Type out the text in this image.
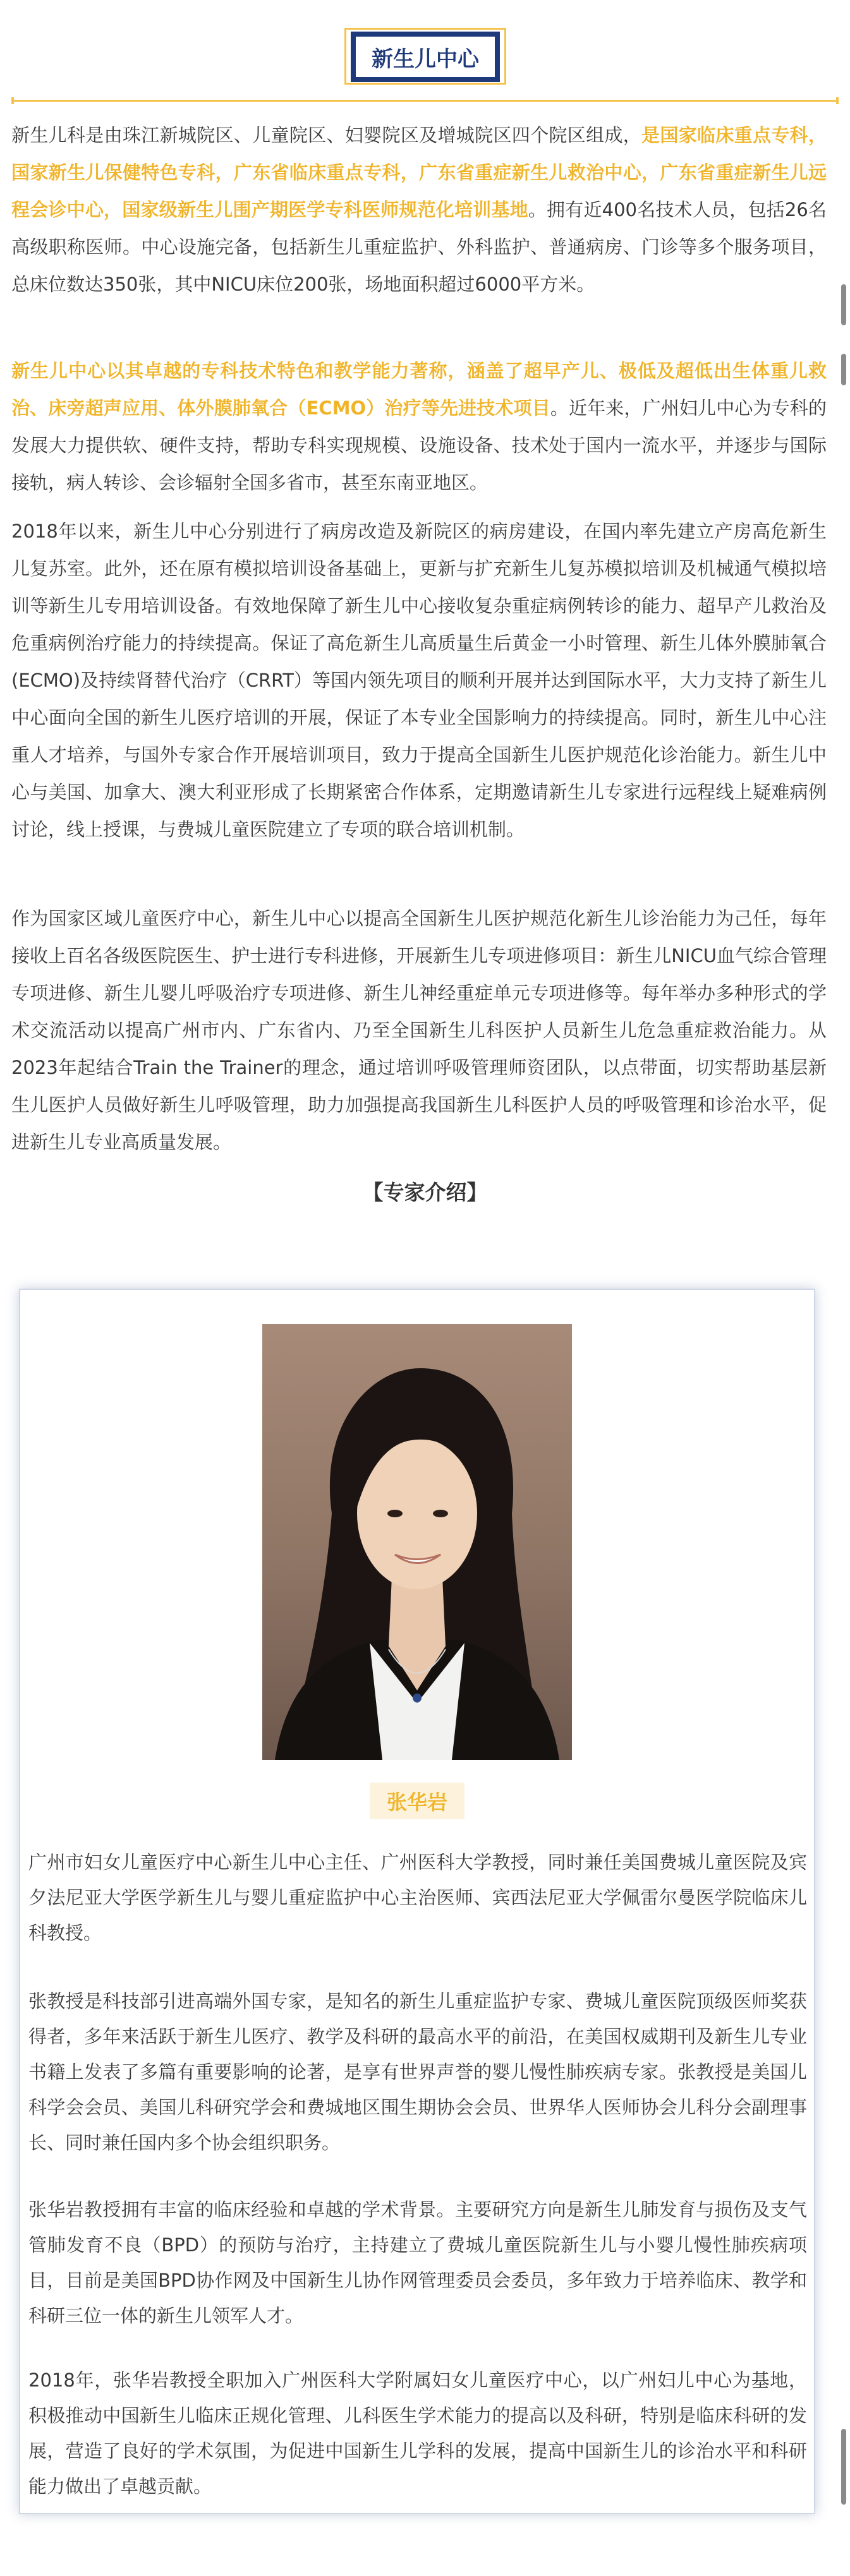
新生儿中心

新生儿科是由珠江新城院区、儿童院区、妇婴院区及增城院区四个院区组成，是国家临床重点专科，国家新生儿保健特色专科，广东省临床重点专科，广东省重症新生儿救治中心，广东省重症新生儿远程会诊中心，国家级新生儿围产期医学专科医师规范化培训基地。拥有近400名技术人员，包括26名高级职称医师。中心设施完备，包括新生儿重症监护、外科监护、普通病房、门诊等多个服务项目，总床位数达350张，其中NICU床位200张，场地面积超过6000平方米。

新生儿中心以其卓越的专科技术特色和教学能力著称，涵盖了超早产儿、极低及超低出生体重儿救治、床旁超声应用、体外膜肺氧合（ECMO）治疗等先进技术项目。近年来，广州妇儿中心为专科的发展大力提供软、硬件支持，帮助专科实现规模、设施设备、技术处于国内一流水平，并逐步与国际接轨，病人转诊、会诊辐射全国多省市，甚至东南亚地区。

2018年以来，新生儿中心分别进行了病房改造及新院区的病房建设，在国内率先建立产房高危新生儿复苏室。此外，还在原有模拟培训设备基础上，更新与扩充新生儿复苏模拟培训及机械通气模拟培训等新生儿专用培训设备。有效地保障了新生儿中心接收复杂重症病例转诊的能力、超早产儿救治及危重病例治疗能力的持续提高。保证了高危新生儿高质量生后黄金一小时管理、新生儿体外膜肺氧合(ECMO)及持续肾替代治疗（CRRT）等国内领先项目的顺利开展并达到国际水平，大力支持了新生儿中心面向全国的新生儿医疗培训的开展，保证了本专业全国影响力的持续提高。同时，新生儿中心注重人才培养，与国外专家合作开展培训项目，致力于提高全国新生儿医护规范化诊治能力。新生儿中心与美国、加拿大、澳大利亚形成了长期紧密合作体系，定期邀请新生儿专家进行远程线上疑难病例讨论，线上授课，与费城儿童医院建立了专项的联合培训机制。

作为国家区域儿童医疗中心，新生儿中心以提高全国新生儿医护规范化新生儿诊治能力为己任，每年接收上百名各级医院医生、护士进行专科进修，开展新生儿专项进修项目：新生儿NICU血气综合管理专项进修、新生儿婴儿呼吸治疗专项进修、新生儿神经重症单元专项进修等。每年举办多种形式的学术交流活动以提高广州市内、广东省内、乃至全国新生儿科医护人员新生儿危急重症救治能力。从2023年起结合Train the Trainer的理念，通过培训呼吸管理师资团队，以点带面，切实帮助基层新生儿医护人员做好新生儿呼吸管理，助力加强提高我国新生儿科医护人员的呼吸管理和诊治水平，促进新生儿专业高质量发展。

【专家介绍】
张华岩

广州市妇女儿童医疗中心新生儿中心主任、广州医科大学教授，同时兼任美国费城儿童医院及宾夕法尼亚大学医学新生儿与婴儿重症监护中心主治医师、宾西法尼亚大学佩雷尔曼医学院临床儿科教授。

张教授是科技部引进高端外国专家，是知名的新生儿重症监护专家、费城儿童医院顶级医师奖获得者，多年来活跃于新生儿医疗、教学及科研的最高水平的前沿，在美国权威期刊及新生儿专业书籍上发表了多篇有重要影响的论著，是享有世界声誉的婴儿慢性肺疾病专家。张教授是美国儿科学会会员、美国儿科研究学会和费城地区围生期协会会员、世界华人医师协会儿科分会副理事长、同时兼任国内多个协会组织职务。

张华岩教授拥有丰富的临床经验和卓越的学术背景。主要研究方向是新生儿肺发育与损伤及支气管肺发育不良（BPD）的预防与治疗，主持建立了费城儿童医院新生儿与小婴儿慢性肺疾病项目，目前是美国BPD协作网及中国新生儿协作网管理委员会委员，多年致力于培养临床、教学和科研三位一体的新生儿领军人才。

2018年，张华岩教授全职加入广州医科大学附属妇女儿童医疗中心，以广州妇儿中心为基地，积极推动中国新生儿临床正规化管理、儿科医生学术能力的提高以及科研，特别是临床科研的发展，营造了良好的学术氛围，为促进中国新生儿学科的发展，提高中国新生儿的诊治水平和科研能力做出了卓越贡献。
